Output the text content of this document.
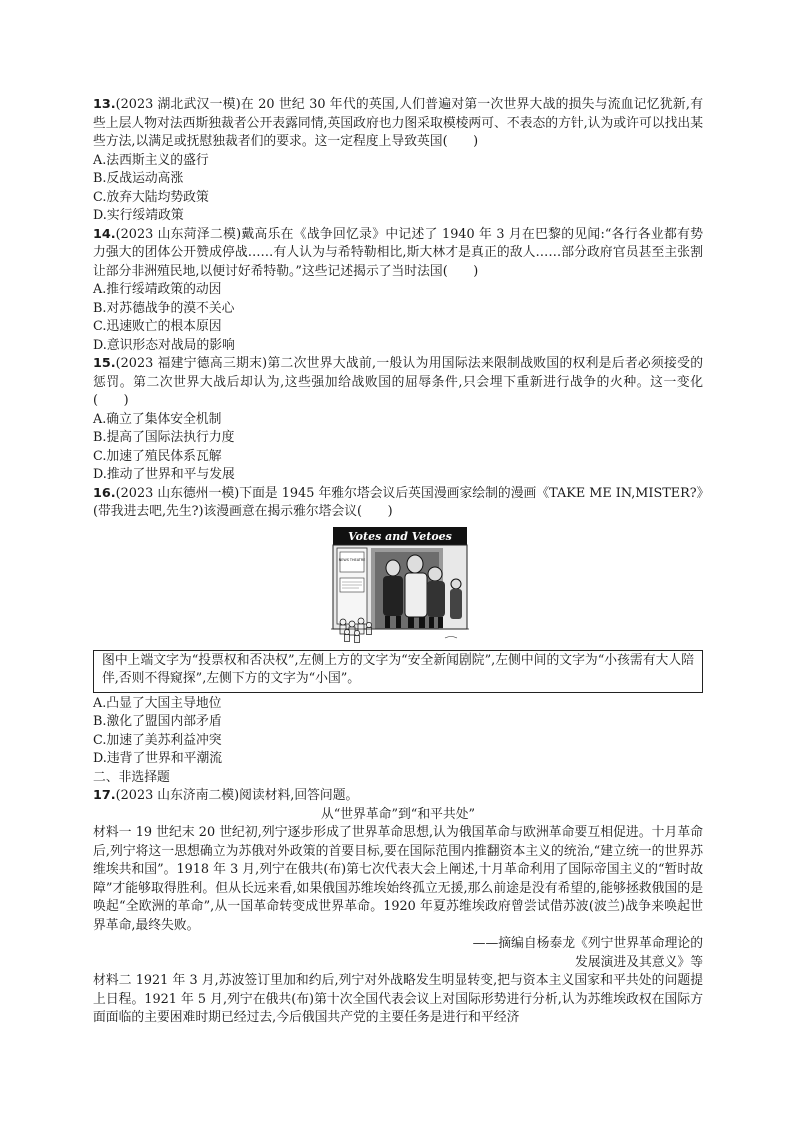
13.(2023 湖北武汉一模)在 20 世纪 30 年代的英国,人们普遍对第一次世界大战的损失与流血记忆犹新,有些上层人物对法西斯独裁者公开表露同情,英国政府也力图采取模棱两可、不表态的方针,认为或许可以找出某些方法,以满足或抚慰独裁者们的要求。这一定程度上导致英国(　　)

A.法西斯主义的盛行

B.反战运动高涨

C.放弃大陆均势政策

D.实行绥靖政策

14.(2023 山东菏泽二模)戴高乐在《战争回忆录》中记述了 1940 年 3 月在巴黎的见闻:“各行各业都有势力强大的团体公开赞成停战……有人认为与希特勒相比,斯大林才是真正的敌人……部分政府官员甚至主张割让部分非洲殖民地,以便讨好希特勒。”这些记述揭示了当时法国(　　)

A.推行绥靖政策的动因

B.对苏德战争的漠不关心

C.迅速败亡的根本原因

D.意识形态对战局的影响

15.(2023 福建宁德高三期末)第二次世界大战前,一般认为用国际法来限制战败国的权利是后者必须接受的惩罚。第二次世界大战后却认为,这些强加给战败国的屈辱条件,只会埋下重新进行战争的火种。这一变化(　　)

A.确立了集体安全机制

B.提高了国际法执行力度

C.加速了殖民体系瓦解

D.推动了世界和平与发展

16.(2023 山东德州一模)下面是 1945 年雅尔塔会议后英国漫画家绘制的漫画《TAKE ME IN,MISTER?》(带我进去吧,先生?)该漫画意在揭示雅尔塔会议(　　)

Votes and Vetoes
NEWS THEATRE

图中上端文字为“投票权和否决权”,左侧上方的文字为“安全新闻剧院”,左侧中间的文字为“小孩需有大人陪伴,否则不得窥探”,左侧下方的文字为“小国”。

A.凸显了大国主导地位

B.激化了盟国内部矛盾

C.加速了美苏利益冲突

D.违背了世界和平潮流

二、非选择题

17.(2023 山东济南二模)阅读材料,回答问题。

从“世界革命”到“和平共处”

材料一 19 世纪末 20 世纪初,列宁逐步形成了世界革命思想,认为俄国革命与欧洲革命要互相促进。十月革命后,列宁将这一思想确立为苏俄对外政策的首要目标,要在国际范围内推翻资本主义的统治,“建立统一的世界苏维埃共和国”。1918 年 3 月,列宁在俄共(布)第七次代表大会上阐述,十月革命利用了国际帝国主义的“暂时故障”才能够取得胜利。但从长远来看,如果俄国苏维埃始终孤立无援,那么前途是没有希望的,能够拯救俄国的是唤起“全欧洲的革命”,从一国革命转变成世界革命。1920 年夏苏维埃政府曾尝试借苏波(波兰)战争来唤起世界革命,最终失败。

——摘编自杨泰龙《列宁世界革命理论的

发展演进及其意义》等

材料二 1921 年 3 月,苏波签订里加和约后,列宁对外战略发生明显转变,把与资本主义国家和平共处的问题提上日程。1921 年 5 月,列宁在俄共(布)第十次全国代表会议上对国际形势进行分析,认为苏维埃政权在国际方面面临的主要困难时期已经过去,今后俄国共产党的主要任务是进行和平经济
